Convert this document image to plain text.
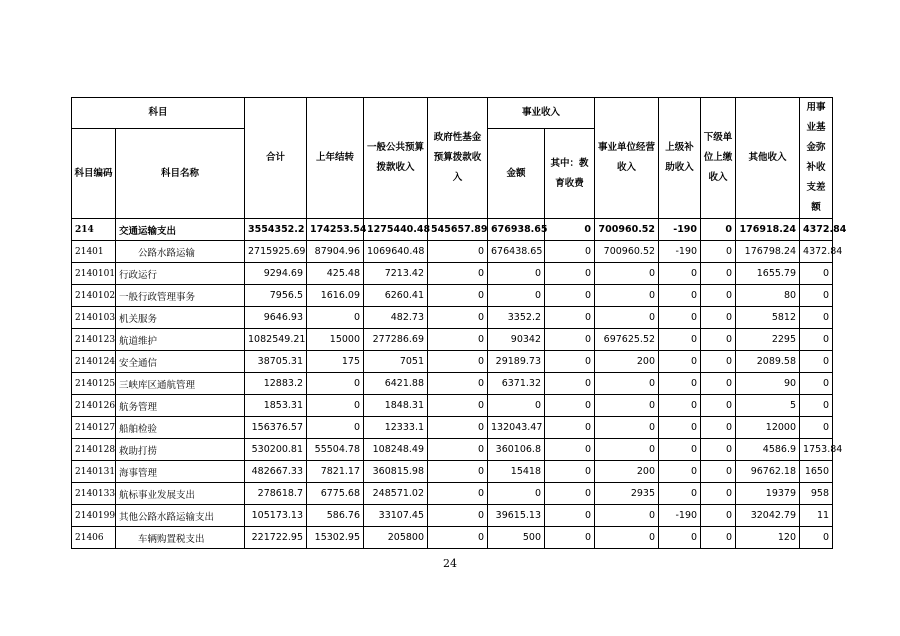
科目		合计	上年结转	一般公共预算拨款收入	政府性基金预算拨款收入	事业收入		事业单位经营收入	上级补助收入	下级单位上缴收入	其他收入	用事业基金弥补收支差额
科目编码	科目名称					金额	其中：教育收费					
214	交通运输支出	3554352.2	174253.54	1275440.48	545657.89	676938.65	0	700960.52	-190	0	176918.24	4372.84
21401	公路水路运输	2715925.69	87904.96	1069640.48	0	676438.65	0	700960.52	-190	0	176798.24	4372.84
2140101	行政运行	9294.69	425.48	7213.42	0	0	0	0	0	0	1655.79	0
2140102	一般行政管理事务	7956.5	1616.09	6260.41	0	0	0	0	0	0	80	0
2140103	机关服务	9646.93	0	482.73	0	3352.2	0	0	0	0	5812	0
2140123	航道维护	1082549.21	15000	277286.69	0	90342	0	697625.52	0	0	2295	0
2140124	安全通信	38705.31	175	7051	0	29189.73	0	200	0	0	2089.58	0
2140125	三峡库区通航管理	12883.2	0	6421.88	0	6371.32	0	0	0	0	90	0
2140126	航务管理	1853.31	0	1848.31	0	0	0	0	0	0	5	0
2140127	船舶检验	156376.57	0	12333.1	0	132043.47	0	0	0	0	12000	0
2140128	救助打捞	530200.81	55504.78	108248.49	0	360106.8	0	0	0	0	4586.9	1753.84
2140131	海事管理	482667.33	7821.17	360815.98	0	15418	0	200	0	0	96762.18	1650
2140133	航标事业发展支出	278618.7	6775.68	248571.02	0	0	0	2935	0	0	19379	958
2140199	其他公路水路运输支出	105173.13	586.76	33107.45	0	39615.13	0	0	-190	0	32042.79	11
21406	车辆购置税支出	221722.95	15302.95	205800	0	500	0	0	0	0	120	0
24
